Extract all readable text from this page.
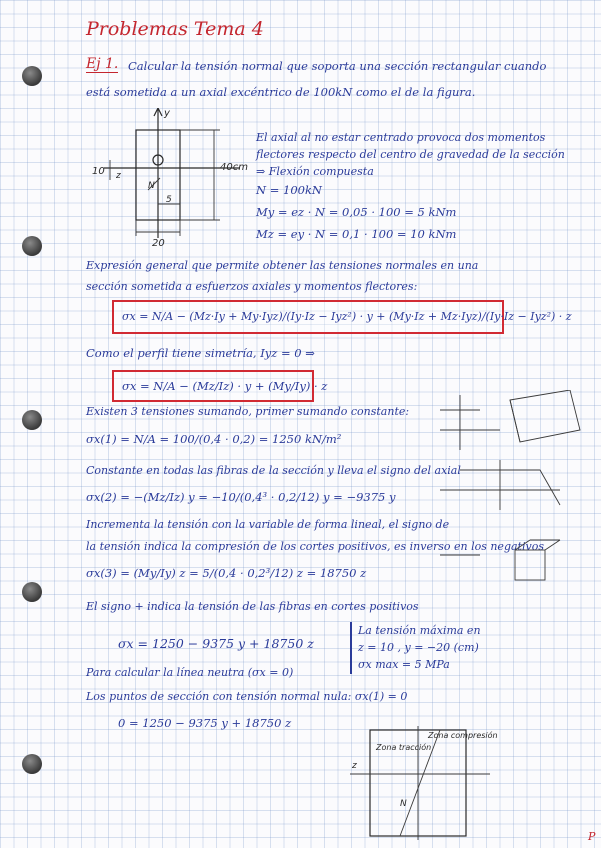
Problemas Tema 4
Ej 1. Calcular la tensión normal que soporta una sección rectangular cuando
está sometida a un axial excéntrico de 100kN como el de la figura.
y
z
N
40cm
20
10
5
El axial al no estar centrado provoca dos momentos
flectores respecto del centro de gravedad de la sección
⇒ Flexión compuesta
N = 100kN
My = ez · N = 0,05 · 100 = 5 kNm
Mz = ey · N = 0,1 · 100 = 10 kNm
Expresión general que permite obtener las tensiones normales en una
sección sometida a esfuerzos axiales y momentos flectores:
σx = N/A − (Mz·Iy + My·Iyz)/(Iy·Iz − Iyz²) · y + (My·Iz + Mz·Iyz)/(Iy·Iz − Iyz²) · z
Como el perfil tiene simetría, Iyz = 0 ⇒
σx = N/A − (Mz/Iz) · y + (My/Iy) · z
Existen 3 tensiones sumando, primer sumando constante:
σx(1) = N/A = 100/(0,4 · 0,2) = 1250 kN/m²
Constante en todas las fibras de la sección y lleva el signo del axial
σx(2) = −(Mz/Iz) y = −10/(0,4³ · 0,2/12) y = −9375 y
Incrementa la tensión con la variable de forma lineal, el signo de
la tensión indica la compresión de los cortes positivos, es inverso en los negativos
σx(3) = (My/Iy) z = 5/(0,4 · 0,2³/12) z = 18750 z
El signo + indica la tensión de las fibras en cortes positivos
σx = 1250 − 9375 y + 18750 z
La tensión máxima en
z = 10 , y = −20 (cm)
σx max = 5 MPa
Para calcular la línea neutra (σx = 0)
Los puntos de sección con tensión normal nula: σx(1) = 0
0 = 1250 − 9375 y + 18750 z
Zona tracción
Zona compresión
z
N
P
